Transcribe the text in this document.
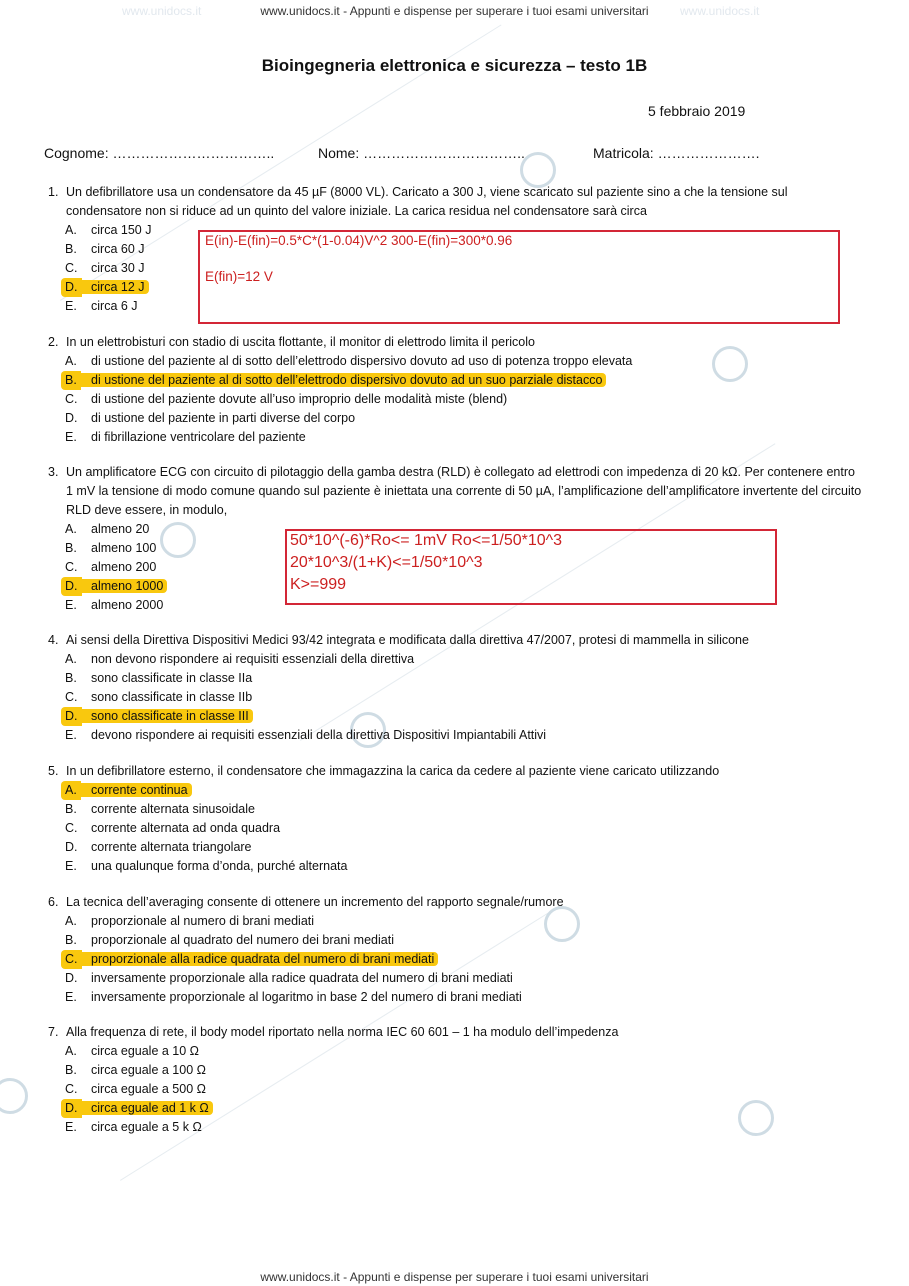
www.unidocs.it	www.unidocs.it
www.unidocs.it - Appunti e dispense per superare i tuoi esami universitari
Bioingegneria elettronica e sicurezza – testo 1B
5 febbraio 2019
Cognome: ……………………………..	Nome: ……………………………..	Matricola: ………………….
1. Un defibrillatore usa un condensatore da 45 µF (8000 VL). Caricato a 300 J, viene scaricato sul paziente sino a che la tensione sul condensatore non si riduce ad un quinto del valore iniziale. La carica residua nel condensatore sarà circa
A. circa 150 J
B. circa 60 J
C. circa 30 J
D.	circa 12 J
E. circa 6 J
E(in)-E(fin)=0.5*C*(1-0.04)V^2 300-E(fin)=300*0.96
E(fin)=12 V
2. In un elettrobisturi con stadio di uscita flottante, il monitor di elettrodo limita il pericolo
A. di ustione del paziente al di sotto dell’elettrodo dispersivo dovuto ad uso di potenza troppo elevata
B.	di ustione del paziente al di sotto dell’elettrodo dispersivo dovuto ad un suo parziale distacco
C. di ustione del paziente dovute all’uso improprio delle modalità miste (blend)
D. di ustione del paziente in parti diverse del corpo
E. di fibrillazione ventricolare del paziente
3. Un amplificatore ECG con circuito di pilotaggio della gamba destra (RLD) è collegato ad elettrodi con impedenza di 20 kΩ. Per contenere entro 1 mV la tensione di modo comune quando sul paziente è iniettata una corrente di 50 µA, l’amplificazione dell’amplificatore invertente del circuito RLD deve essere, in modulo,
A. almeno 20
B. almeno 100
C. almeno 200
D.	almeno 1000
E. almeno 2000
50*10^(-6)*Ro<= 1mV Ro<=1/50*10^3
20*10^3/(1+K)<=1/50*10^3
K>=999
4. Ai sensi della Direttiva Dispositivi Medici 93/42 integrata e modificata dalla direttiva 47/2007, protesi di mammella in silicone
A. non devono rispondere ai requisiti essenziali della direttiva
B. sono classificate in classe IIa
C. sono classificate in classe IIb
D.	sono classificate in classe III
E. devono rispondere ai requisiti essenziali della direttiva Dispositivi Impiantabili Attivi
5. In un defibrillatore esterno, il condensatore che immagazzina la carica da cedere al paziente viene caricato utilizzando
A.	corrente continua
B. corrente alternata sinusoidale
C. corrente alternata ad onda quadra
D. corrente alternata triangolare
E. una qualunque forma d’onda, purché alternata
6. La tecnica dell’averaging consente di ottenere un incremento del rapporto segnale/rumore
A. proporzionale al numero di brani mediati
B. proporzionale al quadrato del numero dei brani mediati
C.	proporzionale alla radice quadrata del numero di brani mediati
D. inversamente proporzionale alla radice quadrata del numero di brani mediati
E. inversamente proporzionale al logaritmo in base 2 del numero di brani mediati
7. Alla frequenza di rete, il body model riportato nella norma IEC 60 601 – 1 ha modulo dell’impedenza
A. circa eguale a 10 Ω
B. circa eguale a 100 Ω
C. circa eguale a 500 Ω
D.	circa eguale ad 1 k Ω
E. circa eguale a 5 k Ω
www.unidocs.it - Appunti e dispense per superare i tuoi esami universitari
